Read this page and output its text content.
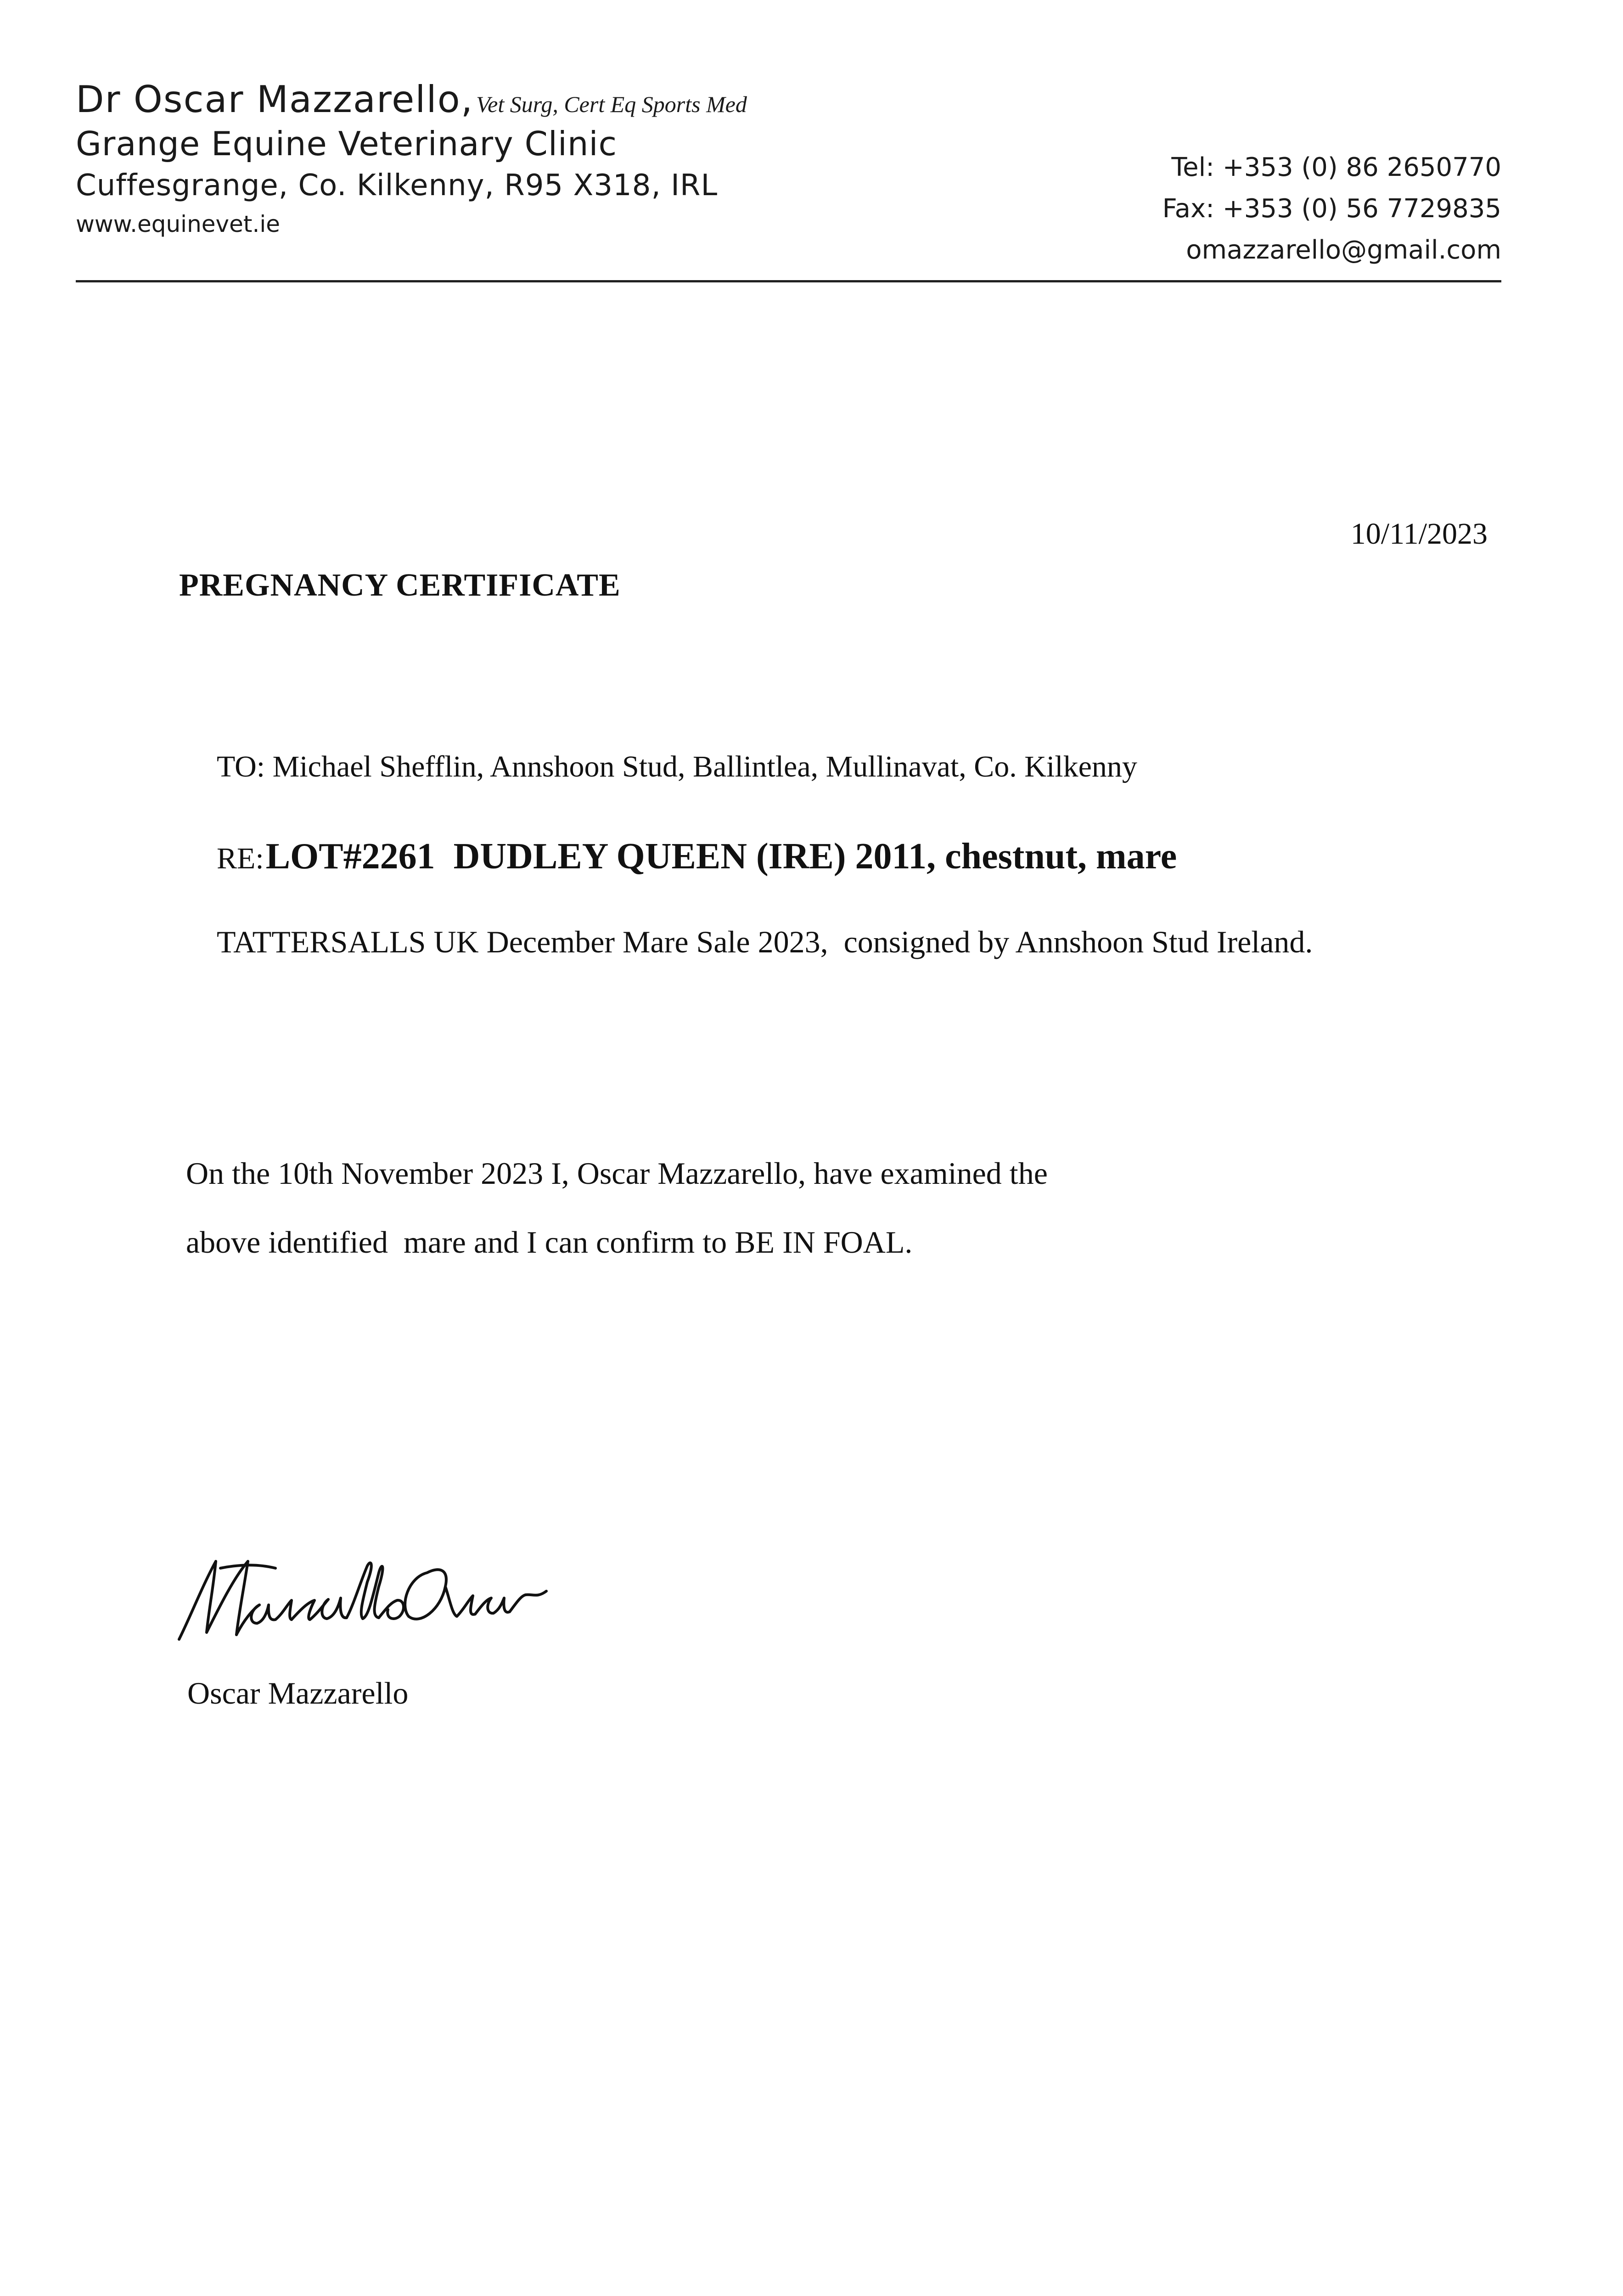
Dr Oscar Mazzarello, Vet Surg, Cert Eq Sports Med
Grange Equine Veterinary Clinic
Cuffesgrange, Co. Kilkenny, R95 X318, IRL
www.equinevet.ie
Tel: +353 (0) 86 2650770
Fax: +353 (0) 56 7729835
omazzarello@gmail.com
10/11/2023
PREGNANCY CERTIFICATE
TO: Michael Shefflin, Annshoon Stud, Ballintlea, Mullinavat, Co. Kilkenny
RE: LOT#2261  DUDLEY QUEEN (IRE) 2011, chestnut, mare
TATTERSALLS UK December Mare Sale 2023,  consigned by Annshoon Stud Ireland.
On the 10th November 2023 I, Oscar Mazzarello, have examined the
above identified  mare and I can confirm to BE IN FOAL.
Oscar Mazzarello
